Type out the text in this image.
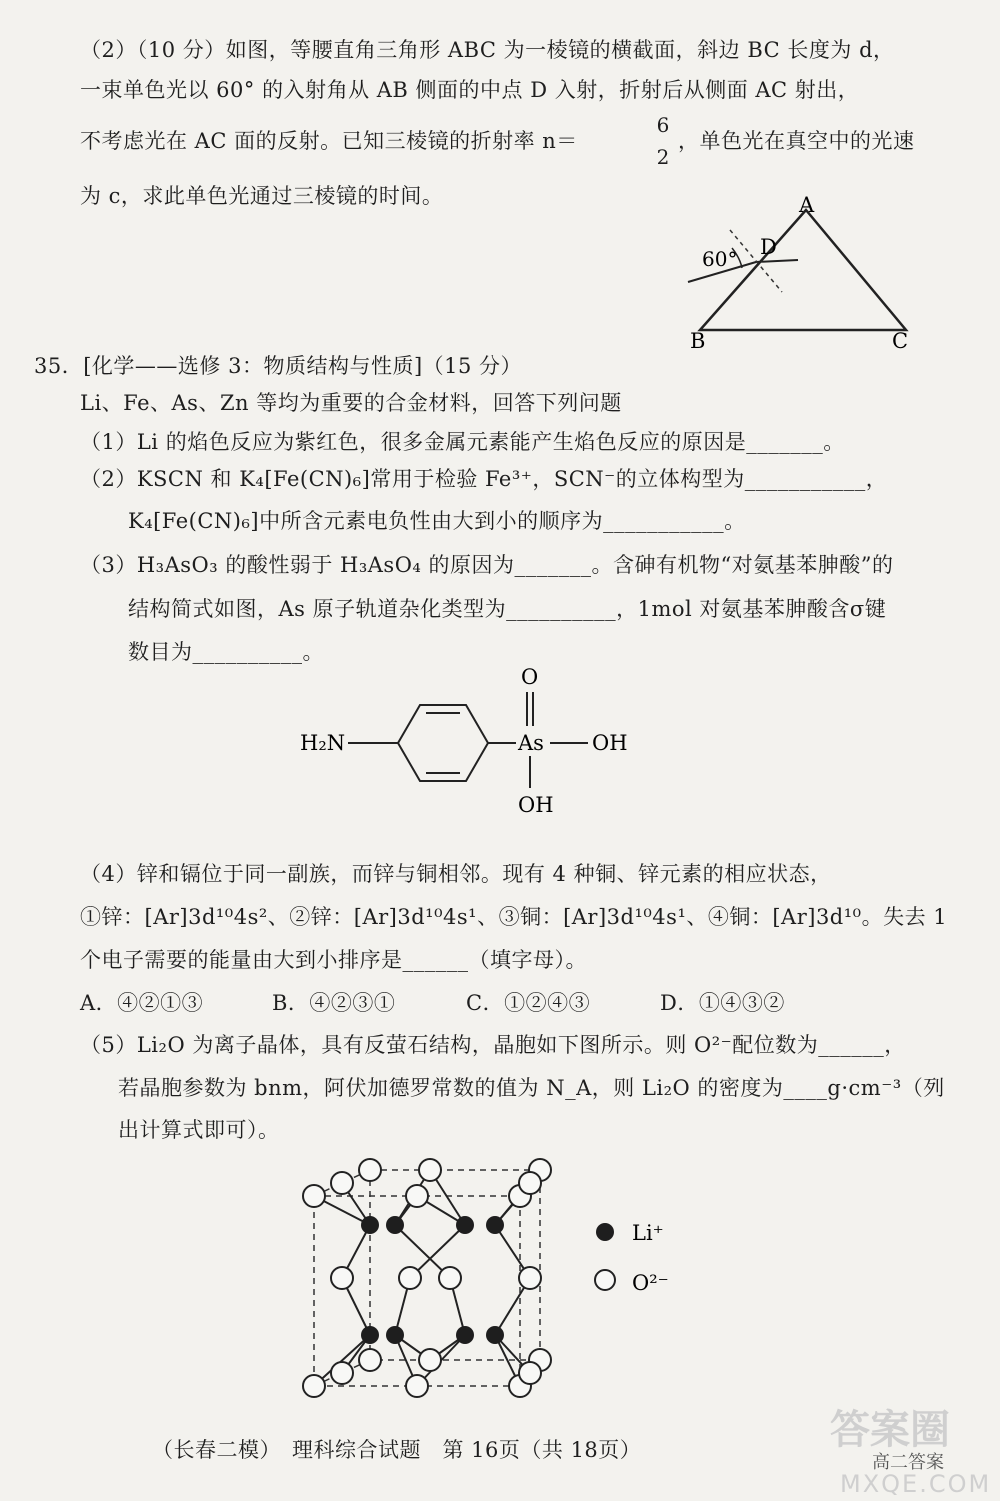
（2）（10 分）如图，等腰直角三角形 ABC 为一棱镜的横截面，斜边 BC 长度为 d，
一束单色光以 60° 的入射角从 AB 侧面的中点 D 入射，折射后从侧面 AC 射出，
不考虑光在 AC 面的反射。已知三棱镜的折射率 n＝
6
2
，单色光在真空中的光速
为 c，求此单色光通过三棱镜的时间。	A
D
60°
B	C
35．[化学——选修 3：物质结构与性质]（15 分）
Li、Fe、As、Zn 等均为重要的合金材料，回答下列问题
（1）Li 的焰色反应为紫红色，很多金属元素能产生焰色反应的原因是_______。
（2）KSCN 和 K₄[Fe(CN)₆]常用于检验 Fe³⁺，SCN⁻的立体构型为___________，
K₄[Fe(CN)₆]中所含元素电负性由大到小的顺序为___________。
（3）H₃AsO₃ 的酸性弱于 H₃AsO₄ 的原因为_______。含砷有机物“对氨基苯胂酸”的
结构简式如图，As 原子轨道杂化类型为__________，1mol 对氨基苯胂酸含σ键
数目为__________。
H₂N	As OH
O
OH
（4）锌和镉位于同一副族，而锌与铜相邻。现有 4 种铜、锌元素的相应状态，
①锌：[Ar]3d¹⁰4s²、②锌：[Ar]3d¹⁰4s¹、③铜：[Ar]3d¹⁰4s¹、④铜：[Ar]3d¹⁰。失去 1
个电子需要的能量由大到小排序是______（填字母）。
A．④②①③	B．④②③①	C．①②④③	D．①④③②
（5）Li₂O 为离子晶体，具有反萤石结构，晶胞如下图所示。则 O²⁻配位数为______，
若晶胞参数为 bnm，阿伏加德罗常数的值为 N_A，则 Li₂O 的密度为____g·cm⁻³（列
出计算式即可）。
Li⁺
O²⁻
（长春二模）　理科综合试题　第 16页（共 18页）	答案圈
高二答案
MXQE.COM
